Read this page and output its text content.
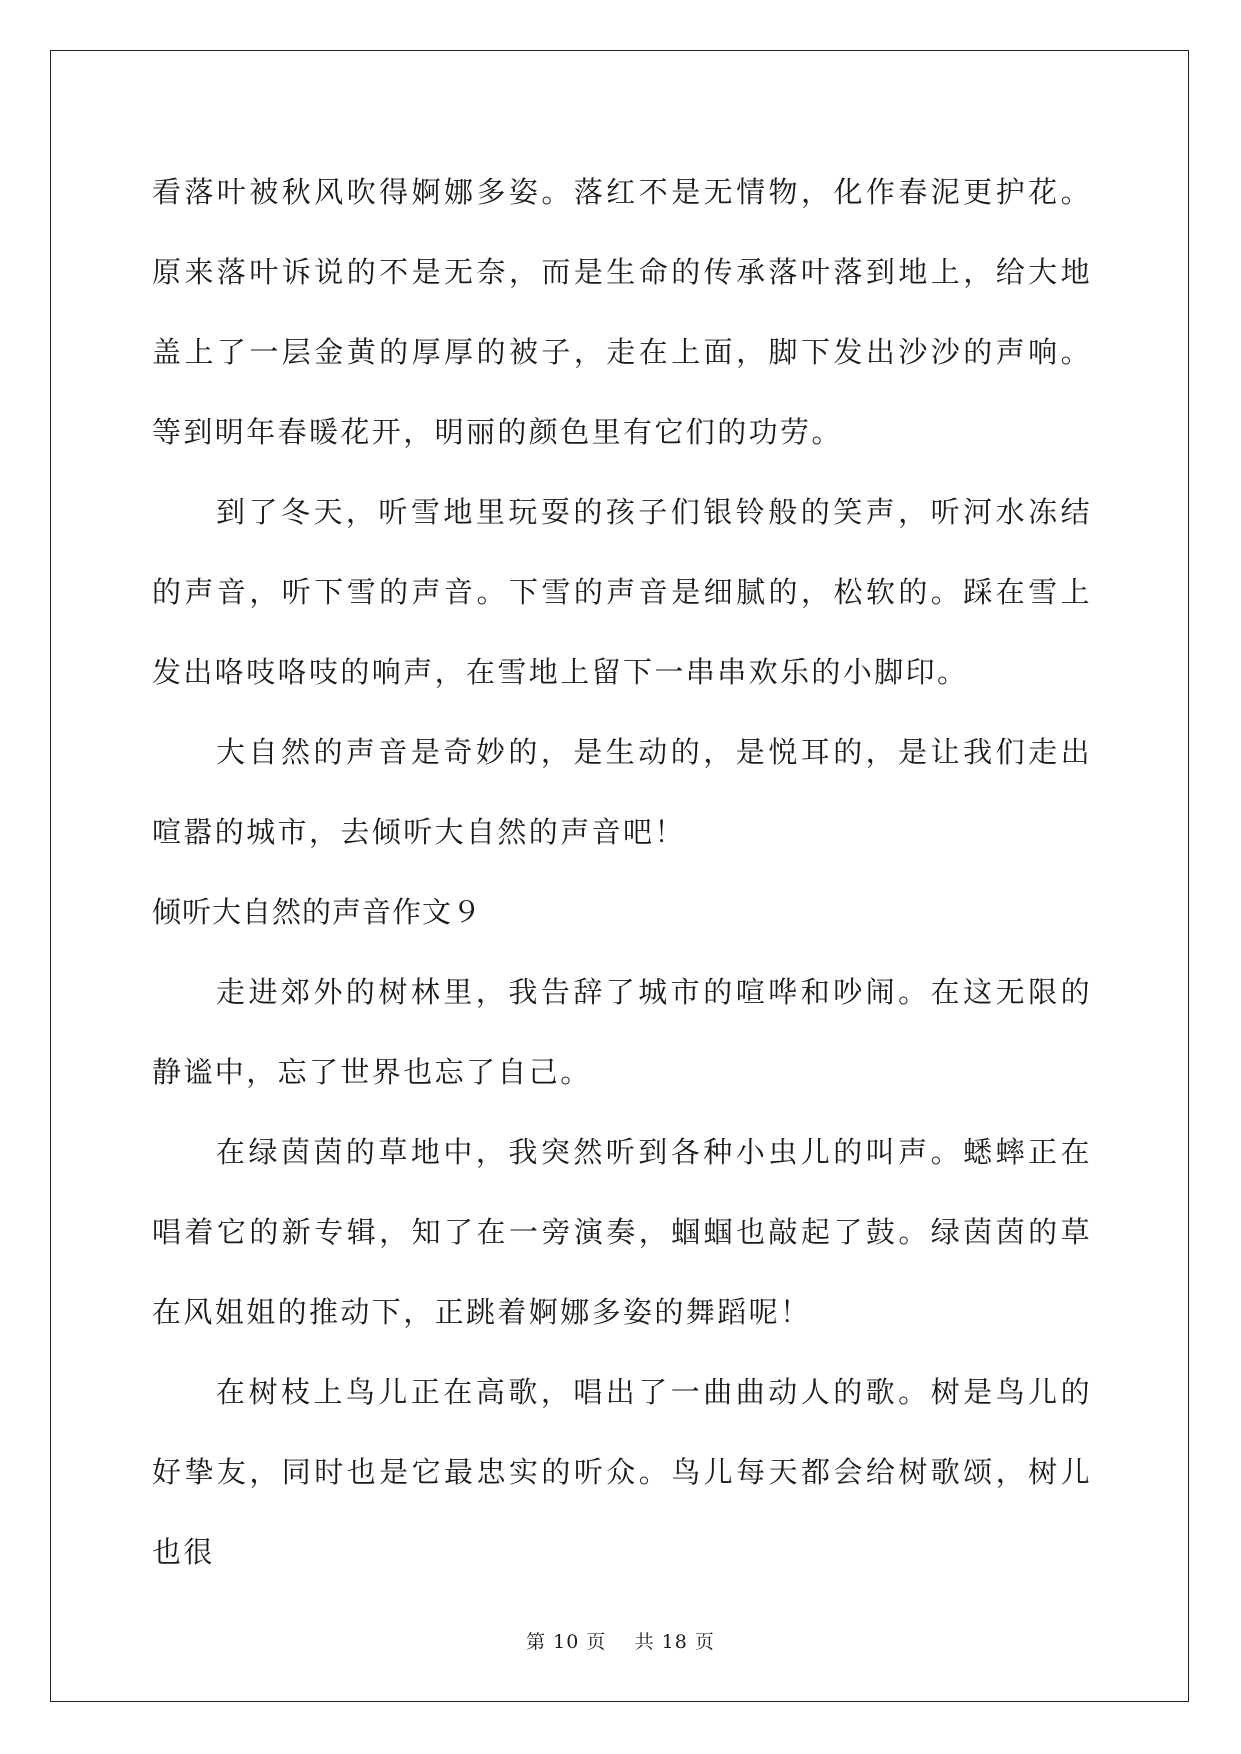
看落叶被秋风吹得婀娜多姿。落红不是无情物，化作春泥更护花。原来落叶诉说的不是无奈，而是生命的传承落叶落到地上，给大地盖上了一层金黄的厚厚的被子，走在上面，脚下发出沙沙的声响。等到明年春暖花开，明丽的颜色里有它们的功劳。

到了冬天，听雪地里玩耍的孩子们银铃般的笑声，听河水冻结的声音，听下雪的声音。下雪的声音是细腻的，松软的。踩在雪上发出咯吱咯吱的响声，在雪地上留下一串串欢乐的小脚印。

大自然的声音是奇妙的，是生动的，是悦耳的，是让我们走出喧嚣的城市，去倾听大自然的声音吧！

倾听大自然的声音作文９

走进郊外的树林里，我告辞了城市的喧哗和吵闹。在这无限的静谧中，忘了世界也忘了自己。

在绿茵茵的草地中，我突然听到各种小虫儿的叫声。蟋蟀正在唱着它的新专辑，知了在一旁演奏，蝈蝈也敲起了鼓。绿茵茵的草在风姐姐的推动下，正跳着婀娜多姿的舞蹈呢！

在树枝上鸟儿正在高歌，唱出了一曲曲动人的歌。树是鸟儿的好挚友，同时也是它最忠实的听众。鸟儿每天都会给树歌颂，树儿也很

第 10 页 共 18 页
